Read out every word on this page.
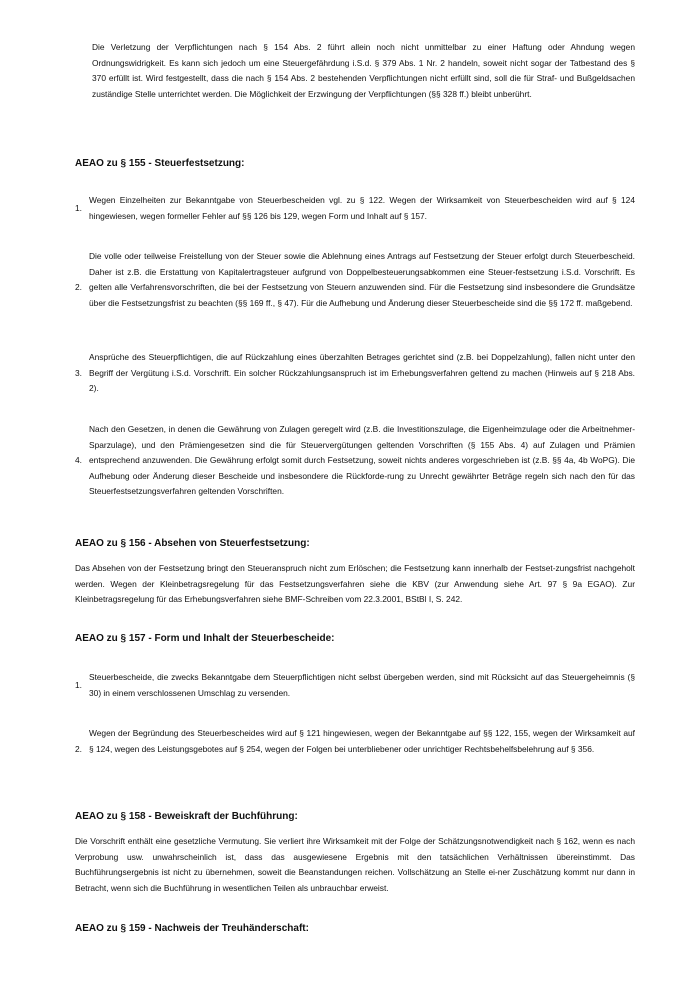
Die Verletzung der Verpflichtungen nach § 154 Abs. 2 führt allein noch nicht unmittelbar zu einer Haftung oder Ahndung wegen Ordnungswidrigkeit. Es kann sich jedoch um eine Steuergefährdung i.S.d. § 379 Abs. 1 Nr. 2 handeln, soweit nicht sogar der Tatbestand des § 370 erfüllt ist. Wird festgestellt, dass die nach § 154 Abs. 2 bestehenden Verpflichtungen nicht erfüllt sind, soll die für Straf- und Bußgeldsachen zuständige Stelle unterrichtet werden. Die Möglichkeit der Erzwingung der Verpflichtungen (§§ 328 ff.) bleibt unberührt.

AEAO zu § 155 - Steuerfestsetzung:
1.

Wegen Einzelheiten zur Bekanntgabe von Steuerbescheiden vgl. zu § 122. Wegen der Wirksamkeit von Steuerbescheiden wird auf § 124 hingewiesen, wegen formeller Fehler auf §§ 126 bis 129, wegen Form und Inhalt auf § 157.

2.

Die volle oder teilweise Freistellung von der Steuer sowie die Ablehnung eines Antrags auf Festsetzung der Steuer erfolgt durch Steuerbescheid. Daher ist z.B. die Erstattung von Kapitalertragsteuer aufgrund von Doppelbesteuerungsabkommen eine Steuer-festsetzung i.S.d. Vorschrift. Es gelten alle Verfahrensvorschriften, die bei der Festsetzung von Steuern anzuwenden sind. Für die Festsetzung sind insbesondere die Grundsätze über die Festsetzungsfrist zu beachten (§§ 169 ff., § 47). Für die Aufhebung und Änderung dieser Steuerbescheide sind die §§ 172 ff. maßgebend.

3.

Ansprüche des Steuerpflichtigen, die auf Rückzahlung eines überzahlten Betrages gerichtet sind (z.B. bei Doppelzahlung), fallen nicht unter den Begriff der Vergütung i.S.d. Vorschrift. Ein solcher Rückzahlungsanspruch ist im Erhebungsverfahren geltend zu machen (Hinweis auf § 218 Abs. 2).

4.

Nach den Gesetzen, in denen die Gewährung von Zulagen geregelt wird (z.B. die Investitionszulage, die Eigenheimzulage oder die Arbeitnehmer-Sparzulage), und den Prämiengesetzen sind die für Steuervergütungen geltenden Vorschriften (§ 155 Abs. 4) auf Zulagen und Prämien entsprechend anzuwenden. Die Gewährung erfolgt somit durch Festsetzung, soweit nichts anderes vorgeschrieben ist (z.B. §§ 4a, 4b WoPG). Die Aufhebung oder Änderung dieser Bescheide und insbesondere die Rückforde-rung zu Unrecht gewährter Beträge regeln sich nach den für das Steuerfestsetzungsverfahren geltenden Vorschriften.

AEAO zu § 156 - Absehen von Steuerfestsetzung:

Das Absehen von der Festsetzung bringt den Steueranspruch nicht zum Erlöschen; die Festsetzung kann innerhalb der Festset-zungsfrist nachgeholt werden. Wegen der Kleinbetragsregelung für das Festsetzungsverfahren siehe die KBV (zur Anwendung siehe Art. 97 § 9a EGAO). Zur Kleinbetragsregelung für das Erhebungsverfahren siehe BMF-Schreiben vom 22.3.2001, BStBl I, S. 242.

AEAO zu § 157 - Form und Inhalt der Steuerbescheide:
1.

Steuerbescheide, die zwecks Bekanntgabe dem Steuerpflichtigen nicht selbst übergeben werden, sind mit Rücksicht auf das Steuergeheimnis (§ 30) in einem verschlossenen Umschlag zu versenden.

2.

Wegen der Begründung des Steuerbescheides wird auf § 121 hingewiesen, wegen der Bekanntgabe auf §§ 122, 155, wegen der Wirksamkeit auf § 124, wegen des Leistungsgebotes auf § 254, wegen der Folgen bei unterbliebener oder unrichtiger Rechtsbehelfsbelehrung auf § 356.

AEAO zu § 158 - Beweiskraft der Buchführung:

Die Vorschrift enthält eine gesetzliche Vermutung. Sie verliert ihre Wirksamkeit mit der Folge der Schätzungsnotwendigkeit nach § 162, wenn es nach Verprobung usw. unwahrscheinlich ist, dass das ausgewiesene Ergebnis mit den tatsächlichen Verhältnissen übereinstimmt. Das Buchführungsergebnis ist nicht zu übernehmen, soweit die Beanstandungen reichen. Vollschätzung an Stelle ei-ner Zuschätzung kommt nur dann in Betracht, wenn sich die Buchführung in wesentlichen Teilen als unbrauchbar erweist.

AEAO zu § 159 - Nachweis der Treuhänderschaft:
